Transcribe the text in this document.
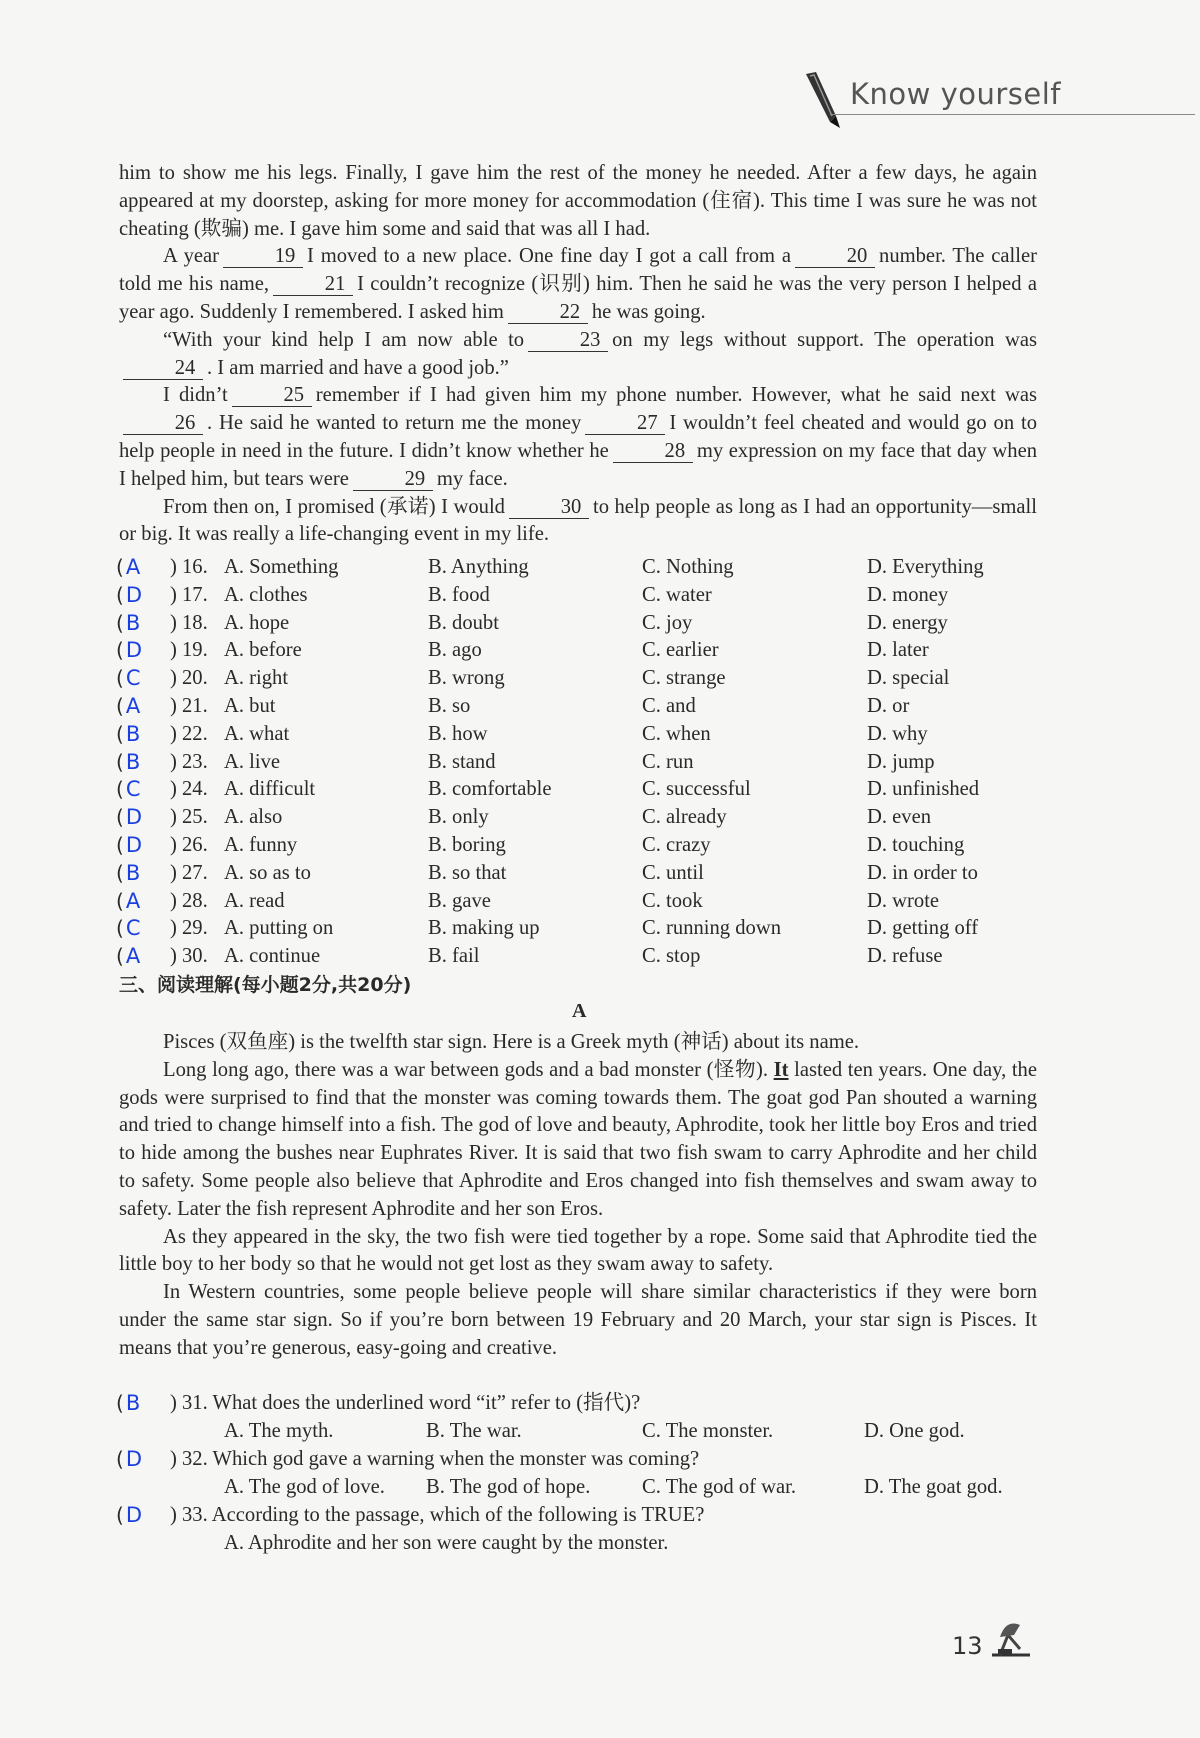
Know yourself

him to show me his legs. Finally, I gave him the rest of the money he needed. After a few days, he again appeared at my doorstep, asking for more money for accommodation (住宿). This time I was sure he was not cheating (欺骗) me. I gave him some and said that was all I had.

A year	19 I moved to a new place. One fine day I got a call from a	20 number. The caller told me his name,	21 I couldn’t recognize (识别) him. Then he said he was the very person I helped a year ago. Suddenly I remembered. I asked him	22 he was going.

“With your kind help I am now able to	23 on my legs without support. The operation was24 . I am married and have a good job.”

I didn’t	25 remember if I had given him my phone number. However, what he said next was26 . He said he wanted to return me the money	27 I wouldn’t feel cheated and would go on to help people in need in the future. I didn’t know whether he	28 my expression on my face that day when I helped him, but tears were	29 my face.

From then on, I promised (承诺) I would	30 to help people as long as I had an opportunity—small or big. It was really a life-changing event in my life.

(A	) 16. A. Something	B. Anything	C. Nothing	D. Everything
(D	) 17. A. clothes	B. food	C. water	D. money
(B	) 18. A. hope	B. doubt	C. joy	D. energy
(D	) 19. A. before	B. ago	C. earlier	D. later
(C	) 20. A. right	B. wrong	C. strange	D. special
(A	) 21. A. but	B. so	C. and	D. or
(B	) 22. A. what	B. how	C. when	D. why
(B	) 23. A. live	B. stand	C. run	D. jump
(C	) 24. A. difficult	B. comfortable	C. successful	D. unfinished
(D	) 25. A. also	B. only	C. already	D. even
(D	) 26. A. funny	B. boring	C. crazy	D. touching
(B	) 27. A. so as to	B. so that	C. until	D. in order to
(A	) 28. A. read	B. gave	C. took	D. wrote
(C	) 29. A. putting on	B. making up	C. running down	D. getting off
(A	) 30. A. continue	B. fail	C. stop	D. refuse
三、阅读理解(每小题2分,共20分)
A

Pisces (双鱼座) is the twelfth star sign. Here is a Greek myth (神话) about its name.

Long long ago, there was a war between gods and a bad monster (怪物). It lasted ten years. One day, the gods were surprised to find that the monster was coming towards them. The goat god Pan shouted a warning and tried to change himself into a fish. The god of love and beauty, Aphrodite, took her little boy Eros and tried to hide among the bushes near Euphrates River. It is said that two fish swam to carry Aphrodite and her child to safety. Some people also believe that Aphrodite and Eros changed into fish themselves and swam away to safety. Later the fish represent Aphrodite and her son Eros.

As they appeared in the sky, the two fish were tied together by a rope. Some said that Aphrodite tied the little boy to her body so that he would not get lost as they swam away to safety.

In Western countries, some people believe people will share similar characteristics if they were born under the same star sign. So if you’re born between 19 February and 20 March, your star sign is Pisces. It means that you’re generous, easy-going and creative.

(B ) 31. What does the underlined word “it” refer to (指代)?
A. The myth.	B. The war.	C. The monster.	D. One god.
(D ) 32. Which god gave a warning when the monster was coming?
A. The god of love. B. The god of hope.	C. The god of war.	D. The goat god.
(D ) 33. According to the passage, which of the following is TRUE?
A. Aphrodite and her son were caught by the monster.
13
